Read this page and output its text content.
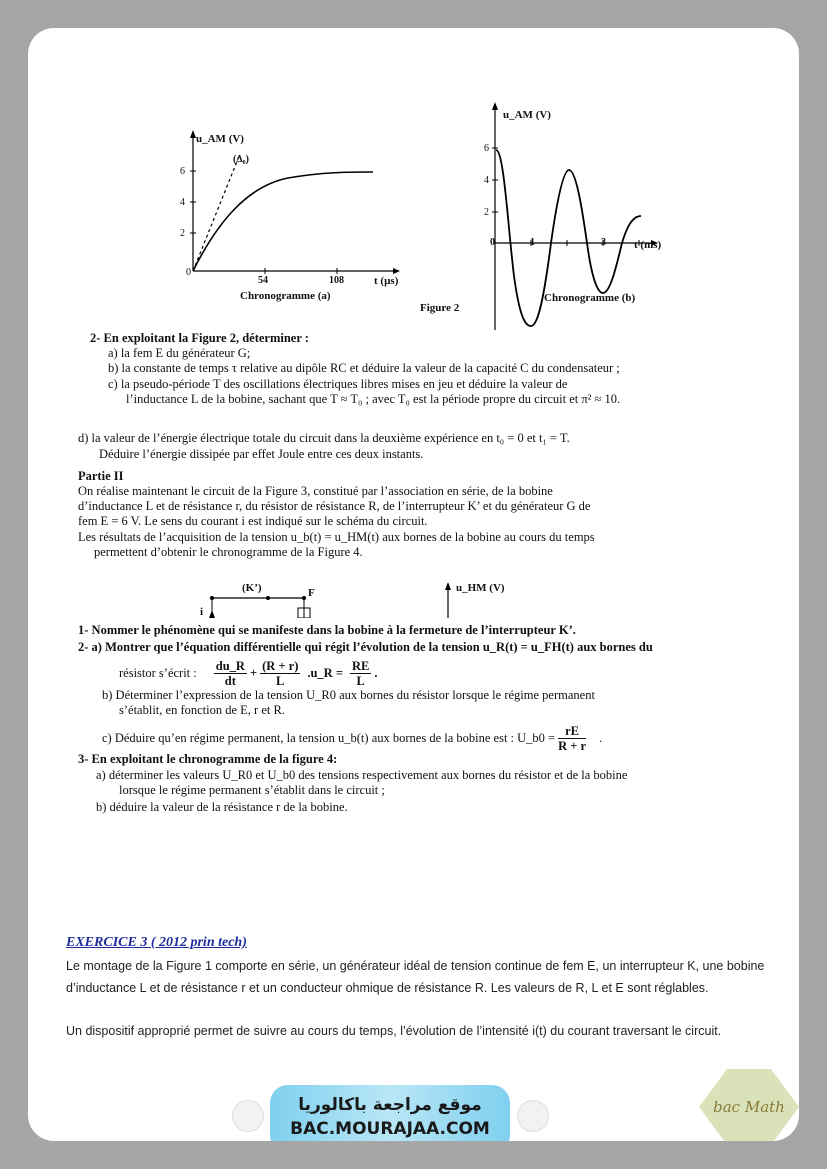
u_AM (V)
(Δ₀)
2
4
6
0
54	108	t (µs)
Chronogramme (a)
u_AM (V)
2
4
6
0	1	3	t (ms)
Chronogramme (b)
Figure 2
2- En exploitant la Figure 2, déterminer :
a) la fem E du générateur G;
b) la constante de temps τ relative au dipôle RC et déduire la valeur de la capacité C du condensateur ;
c) la pseudo-période T des oscillations électriques libres mises en jeu et déduire la valeur de
l’inductance L de la bobine, sachant que T ≈ T₀ ; avec T₀ est la période propre du circuit et π² ≈ 10.
d) la valeur de l’énergie électrique totale du circuit dans la deuxième expérience en t₀ = 0 et t₁ = T.
Déduire l’énergie dissipée par effet Joule entre ces deux instants.
Partie II
On réalise maintenant le circuit de la Figure 3, constitué par l’association en série, de la bobine
d’inductance L et de résistance r, du résistor de résistance R, de l’interrupteur K’ et du générateur G de
fem E = 6 V. Le sens du courant i est indiqué sur le schéma du circuit.
Les résultats de l’acquisition de la tension u_b(t) = u_HM(t) aux bornes de la bobine au cours du temps
permettent d’obtenir le chronogramme de la Figure 4.
(K’)	F
i
u_HM (V)
1- Nommer le phénomène qui se manifeste dans la bobine à la fermeture de l’interrupteur K’.
2- a) Montrer que l’équation différentielle qui régit l’évolution de la tension u_R(t) = u_FH(t) aux bornes du
résistor s’écrit : $\frac{du\_R}{dt} + \frac{(R + r)}{L}$ .u_R = $\frac{RE}{L}$ .
b) Déterminer l’expression de la tension U_R0 aux bornes du résistor lorsque le régime permanent
s’établit, en fonction de E, r et R.
c) Déduire qu’en régime permanent, la tension u_b(t) aux bornes de la bobine est : U_b0 = $\frac{rE}{R + r}$ .
3- En exploitant le chronogramme de la figure 4:
a) déterminer les valeurs U_R0 et U_b0 des tensions respectivement aux bornes du résistor et de la bobine
lorsque le régime permanent s’établit dans le circuit ;
b) déduire la valeur de la résistance r de la bobine.
EXERCICE 3 ( 2012 prin tech)
Le montage de la Figure 1 comporte en série, un générateur idéal de tension continue de fem E, un interrupteur K, une bobine d’inductance L et de résistance r et un conducteur ohmique de résistance R. Les valeurs de R, L et E sont réglables.
Un dispositif approprié permet de suivre au cours du temps, l’évolution de l’intensité i(t) du courant traversant le circuit.
موقع مراجعة باكالوريا
BAC.MOURAJAA.COM
bac Math
